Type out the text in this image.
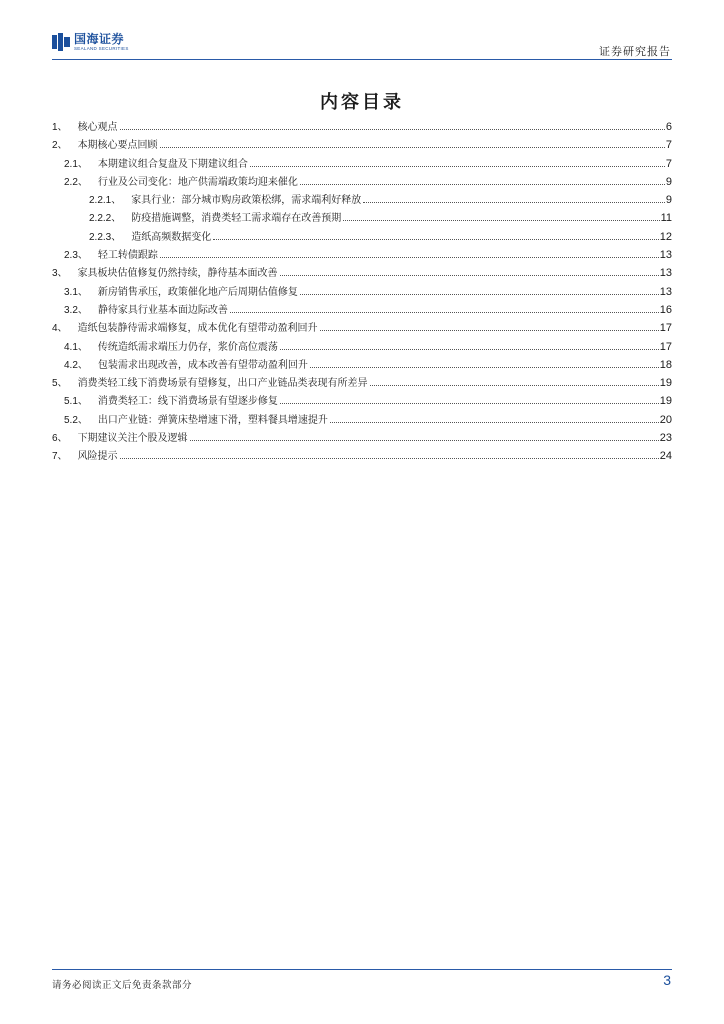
国海证券
SEALAND SECURITIES	证券研究报告
内容目录
1、 核心观点	6
2、 本期核心要点回顾	7
2.1、 本期建议组合复盘及下期建议组合	7
2.2、 行业及公司变化：地产供需端政策均迎来催化	9
2.2.1、 家具行业：部分城市购房政策松绑，需求端利好释放	9
2.2.2、 防疫措施调整，消费类轻工需求端存在改善预期	11
2.2.3、 造纸高频数据变化	12
2.3、 轻工转债跟踪	13
3、 家具板块估值修复仍然持续，静待基本面改善	13
3.1、 新房销售承压，政策催化地产后周期估值修复	13
3.2、 静待家具行业基本面边际改善	16
4、 造纸包装静待需求端修复，成本优化有望带动盈利回升	17
4.1、 传统造纸需求端压力仍存，浆价高位震荡	17
4.2、 包装需求出现改善，成本改善有望带动盈利回升	18
5、 消费类轻工线下消费场景有望修复，出口产业链品类表现有所差异	19
5.1、 消费类轻工：线下消费场景有望逐步修复	19
5.2、 出口产业链：弹簧床垫增速下滑，塑料餐具增速提升	20
6、 下期建议关注个股及逻辑	23
7、 风险提示	24
请务必阅读正文后免责条款部分	3
